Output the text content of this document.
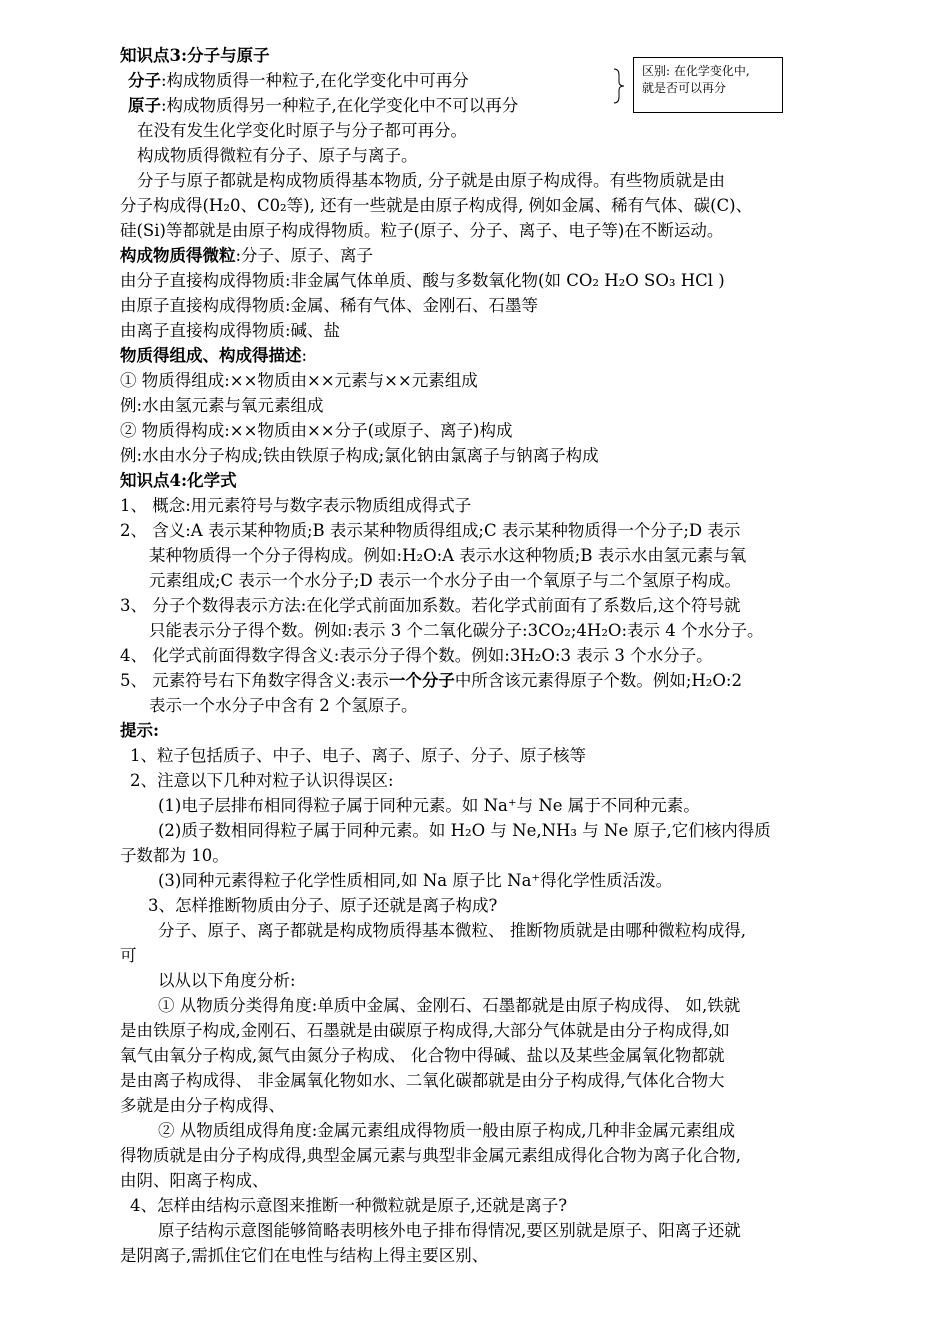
知识点3:分子与原子
分子:构成物质得一种粒子,在化学变化中可再分
原子:构成物质得另一种粒子,在化学变化中不可以再分
区别: 在化学变化中,
就是否可以再分
在没有发生化学变化时原子与分子都可再分。
构成物质得微粒有分子、原子与离子。
分子与原子都就是构成物质得基本物质, 分子就是由原子构成得。有些物质就是由
分子构成得(H₂0、C0₂等), 还有一些就是由原子构成得, 例如金属、稀有气体、碳(C)、
硅(Si)等都就是由原子构成得物质。粒子(原子、分子、离子、电子等)在不断运动。
构成物质得微粒:分子、原子、离子
由分子直接构成得物质:非金属气体单质、酸与多数氧化物(如 CO₂ H₂O SO₃ HCl )
由原子直接构成得物质:金属、稀有气体、金刚石、石墨等
由离子直接构成得物质:碱、盐
物质得组成、构成得描述:
① 物质得组成:××物质由××元素与××元素组成
例:水由氢元素与氧元素组成
② 物质得构成:××物质由××分子(或原子、离子)构成
例:水由水分子构成;铁由铁原子构成;氯化钠由氯离子与钠离子构成
知识点4:化学式
1、 概念:用元素符号与数字表示物质组成得式子
2、 含义:A 表示某种物质;B 表示某种物质得组成;C 表示某种物质得一个分子;D 表示
某种物质得一个分子得构成。例如:H₂O:A 表示水这种物质;B 表示水由氢元素与氧
元素组成;C 表示一个水分子;D 表示一个水分子由一个氧原子与二个氢原子构成。
3、 分子个数得表示方法:在化学式前面加系数。若化学式前面有了系数后,这个符号就
只能表示分子得个数。例如:表示 3 个二氧化碳分子:3CO₂;4H₂O:表示 4 个水分子。
4、 化学式前面得数字得含义:表示分子得个数。例如:3H₂O:3 表示 3 个水分子。
5、 元素符号右下角数字得含义:表示一个分子中所含该元素得原子个数。例如;H₂O:2
表示一个水分子中含有 2 个氢原子。
提示:
1、粒子包括质子、中子、电子、离子、原子、分子、原子核等
2、注意以下几种对粒子认识得误区:
(1)电子层排布相同得粒子属于同种元素。如 Na⁺与 Ne 属于不同种元素。
(2)质子数相同得粒子属于同种元素。如 H₂O 与 Ne,NH₃ 与 Ne 原子,它们核内得质
子数都为 10。
(3)同种元素得粒子化学性质相同,如 Na 原子比 Na⁺得化学性质活泼。
3、怎样推断物质由分子、原子还就是离子构成?
分子、原子、离子都就是构成物质得基本微粒、 推断物质就是由哪种微粒构成得,
可
以从以下角度分析:
① 从物质分类得角度:单质中金属、金刚石、石墨都就是由原子构成得、 如,铁就
是由铁原子构成,金刚石、石墨就是由碳原子构成得,大部分气体就是由分子构成得,如
氧气由氧分子构成,氮气由氮分子构成、 化合物中得碱、盐以及某些金属氧化物都就
是由离子构成得、 非金属氧化物如水、二氧化碳都就是由分子构成得,气体化合物大
多就是由分子构成得、
② 从物质组成得角度:金属元素组成得物质一般由原子构成,几种非金属元素组成
得物质就是由分子构成得,典型金属元素与典型非金属元素组成得化合物为离子化合物,
由阴、阳离子构成、
4、怎样由结构示意图来推断一种微粒就是原子,还就是离子?
原子结构示意图能够简略表明核外电子排布得情况,要区别就是原子、阳离子还就
是阴离子,需抓住它们在电性与结构上得主要区别、
